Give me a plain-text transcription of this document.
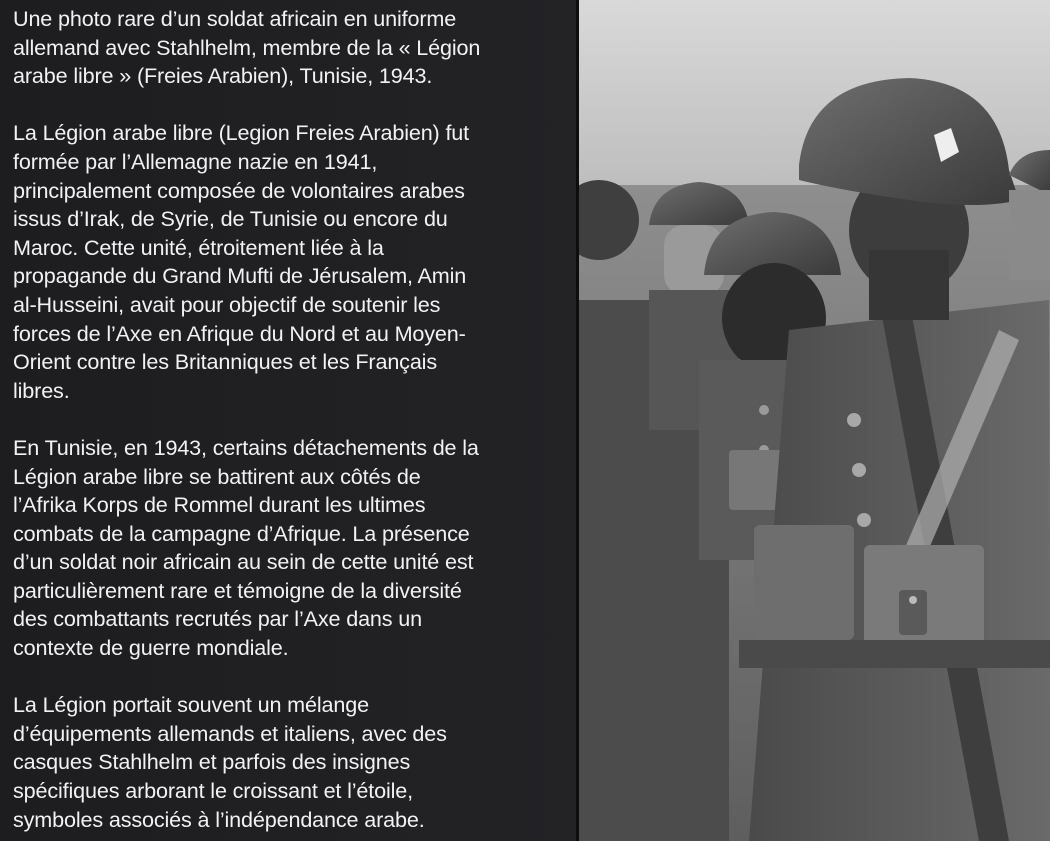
Une photo rare d’un soldat africain en uniforme
allemand avec Stahlhelm, membre de la « Légion
arabe libre » (Freies Arabien), Tunisie, 1943.

La Légion arabe libre (Legion Freies Arabien) fut
formée par l’Allemagne nazie en 1941,
principalement composée de volontaires arabes
issus d’Irak, de Syrie, de Tunisie ou encore du
Maroc. Cette unité, étroitement liée à la
propagande du Grand Mufti de Jérusalem, Amin
al-Husseini, avait pour objectif de soutenir les
forces de l’Axe en Afrique du Nord et au Moyen-
Orient contre les Britanniques et les Français
libres.

En Tunisie, en 1943, certains détachements de la
Légion arabe libre se battirent aux côtés de
l’Afrika Korps de Rommel durant les ultimes
combats de la campagne d’Afrique. La présence
d’un soldat noir africain au sein de cette unité est
particulièrement rare et témoigne de la diversité
des combattants recrutés par l’Axe dans un
contexte de guerre mondiale.

La Légion portait souvent un mélange
d’équipements allemands et italiens, avec des
casques Stahlhelm et parfois des insignes
spécifiques arborant le croissant et l’étoile,
symboles associés à l’indépendance arabe.
